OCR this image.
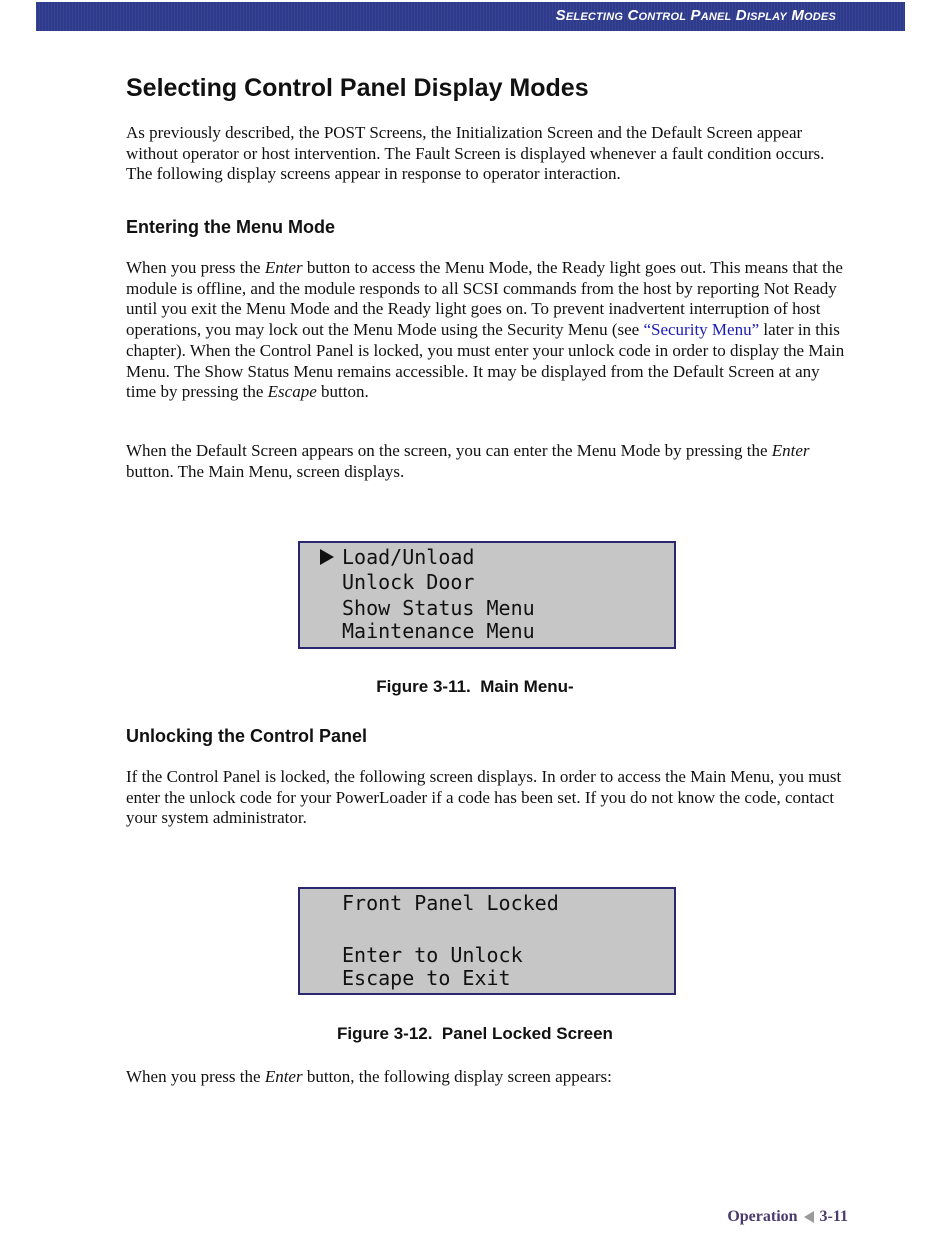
Selecting Control Panel Display Modes
Selecting Control Panel Display Modes

As previously described, the POST Screens, the Initialization Screen and the Default Screen appear without operator or host intervention. The Fault Screen is displayed whenever a fault condition occurs. The following display screens appear in response to operator interaction.

Entering the Menu Mode

When you press the Enter button to access the Menu Mode, the Ready light goes out. This means that the module is offline, and the module responds to all SCSI commands from the host by reporting Not Ready until you exit the Menu Mode and the Ready light goes on. To prevent inadvertent interruption of host operations, you may lock out the Menu Mode using the Security Menu (see “Security Menu” later in this chapter). When the Control Panel is locked, you must enter your unlock code in order to display the Main Menu. The Show Status Menu remains accessible. It may be displayed from the Default Screen at any time by pressing the Escape button.

When the Default Screen appears on the screen, you can enter the Menu Mode by pressing the Enter button. The Main Menu, screen displays.

Load/Unload
Unlock Door
Show Status Menu
Maintenance Menu
Figure 3-11.  Main Menu-
Unlocking the Control Panel

If the Control Panel is locked, the following screen displays. In order to access the Main Menu, you must enter the unlock code for your PowerLoader if a code has been set. If you do not know the code, contact your system administrator.

Front Panel Locked
Enter to Unlock
Escape to Exit
Figure 3-12.  Panel Locked Screen

When you press the Enter button, the following display screen appears:

Operation 3-11
